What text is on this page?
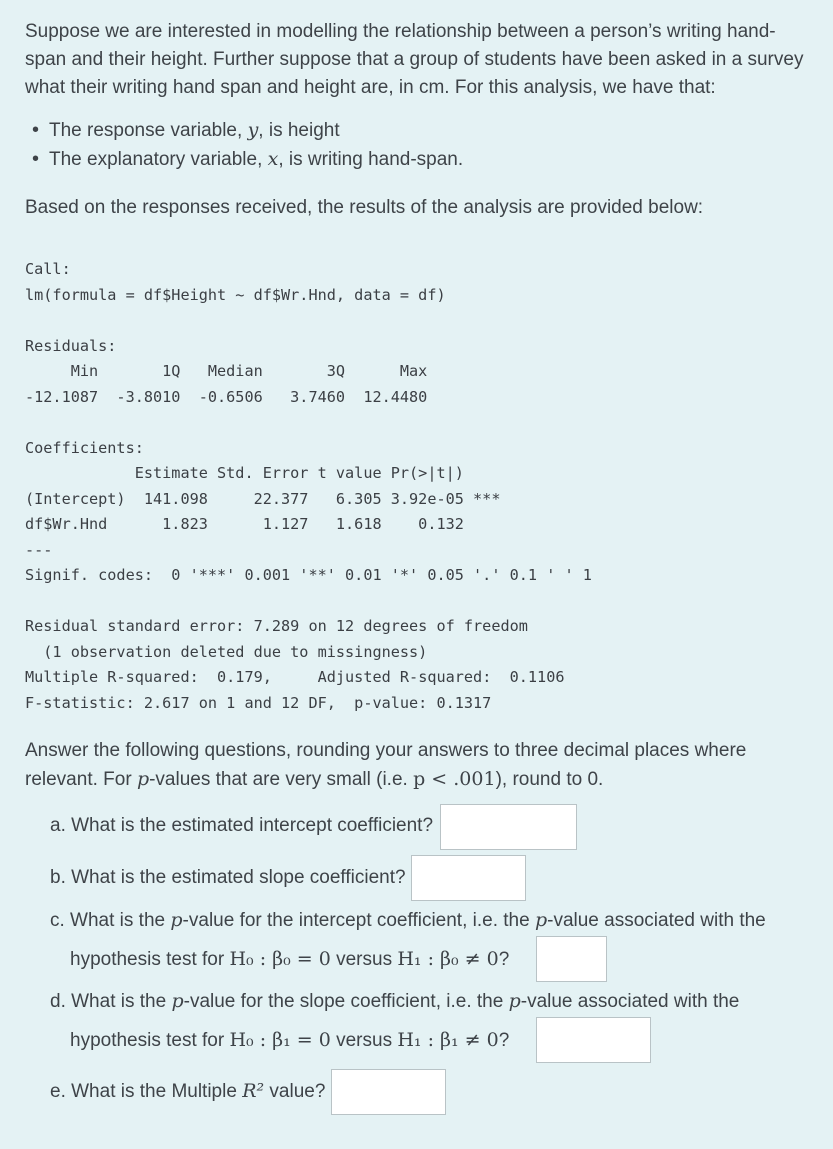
Suppose we are interested in modelling the relationship between a person’s writing hand-span and their height. Further suppose that a group of students have been asked in a survey what their writing hand span and height are, in cm. For this analysis, we have that:

• The response variable, y, is height
• The explanatory variable, x, is writing hand-span.

Based on the responses received, the results of the analysis are provided below:

Call:
lm(formula = df$Height ~ df$Wr.Hnd, data = df)

Residuals:
Min       1Q   Median       3Q      Max
-12.1087  -3.8010  -0.6506   3.7460  12.4480

Coefficients:
Estimate Std. Error t value Pr(>|t|)
(Intercept)  141.098     22.377   6.305 3.92e-05 ***
df$Wr.Hnd      1.823      1.127   1.618    0.132
---
Signif. codes:  0 '***' 0.001 '**' 0.01 '*' 0.05 '.' 0.1 ' ' 1

Residual standard error: 7.289 on 12 degrees of freedom
(1 observation deleted due to missingness)
Multiple R-squared:  0.179,	Adjusted R-squared:  0.1106
F-statistic: 2.617 on 1 and 12 DF,  p-value: 0.1317

Answer the following questions, rounding your answers to three decimal places where relevant. For p-values that are very small (i.e. p < .001), round to 0.

a. What is the estimated intercept coefficient?
b. What is the estimated slope coefficient?
c. What is the p-value for the intercept coefficient, i.e. the p-value associated with the
hypothesis test for H₀ : β₀ = 0 versus H₁ : β₀ ≠ 0?
d. What is the p-value for the slope coefficient, i.e. the p-value associated with the
hypothesis test for H₀ : β₁ = 0 versus H₁ : β₁ ≠ 0?
e. What is the Multiple R² value?
